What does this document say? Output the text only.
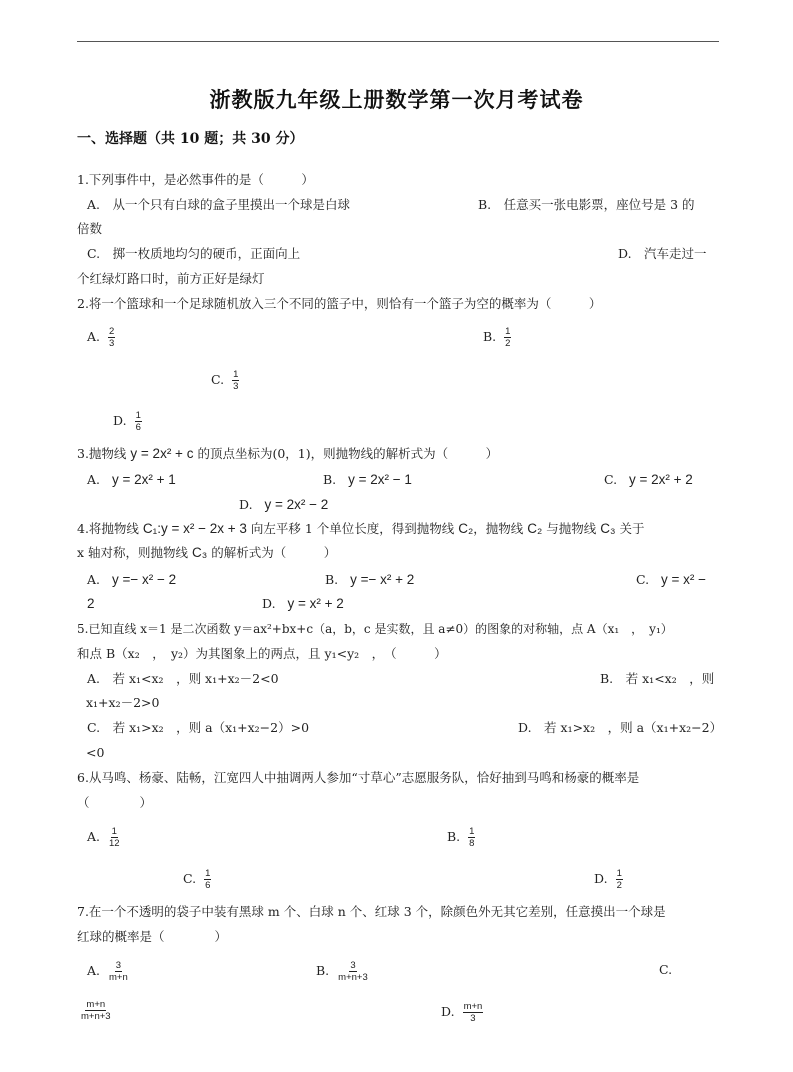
浙教版九年级上册数学第一次月考试卷
一、选择题（共 10 题；共 30 分）
1.下列事件中，是必然事件的是（　　　）
A.　从一个只有白球的盒子里摸出一个球是白球	B.　任意买一张电影票，座位号是 3 的
倍数
C.　掷一枚质地均匀的硬币，正面向上	D.　汽车走过一
个红绿灯路口时，前方正好是绿灯
2.将一个篮球和一个足球随机放入三个不同的篮子中，则恰有一个篮子为空的概率为（　　　）
A. $\frac{2}{3}$	B. $\frac{1}{2}$
C. $\frac{1}{3}$
D. $\frac{1}{6}$
3.抛物线 y = 2x² + c 的顶点坐标为(0，1)，则抛物线的解析式为（　　　）
A. y = 2x² + 1	B. y = 2x² − 1	C. y = 2x² + 2
D. y = 2x² − 2
4.将抛物线 C₁:y = x² − 2x + 3 向左平移 1 个单位长度，得到抛物线 C₂，抛物线 C₂ 与抛物线 C₃ 关于
x 轴对称，则抛物线 C₃ 的解析式为（　　　）
A. y =− x² − 2	B. y =− x² + 2	C. y = x² −
2	D. y = x² + 2
5.已知直线 x＝1 是二次函数 y＝ax²+bx+c（a，b，c 是实数，且 a≠0）的图象的对称轴，点 A（x₁　，　y₁）
和点 B（x₂　，　y₂）为其图象上的两点，且 y₁<y₂　，　（　　　）
A.　若 x₁<x₂　，则 x₁+x₂－2<0	B.　若 x₁<x₂　，则
x₁+x₂－2>0
C.　若 x₁>x₂　，则 a（x₁+x₂−2）>0	D.　若 x₁>x₂　，则 a（x₁+x₂−2）
<0
6.从马鸣、杨豪、陆畅，江宽四人中抽调两人参加“寸草心”志愿服务队，恰好抽到马鸣和杨豪的概率是
（　　　　）
A. $\frac{1}{12}$	B. $\frac{1}{8}$
C. $\frac{1}{6}$	D. $\frac{1}{2}$
7.在一个不透明的袋子中装有黑球 m 个、白球 n 个、红球 3 个，除颜色外无其它差别，任意摸出一个球是
红球的概率是（　　　　）
A. $\frac{3}{m+n}$	B. $\frac{3}{m+n+3}$	C.
$\frac{m+n}{m+n+3}$	D. $\frac{m+n}{3}$
